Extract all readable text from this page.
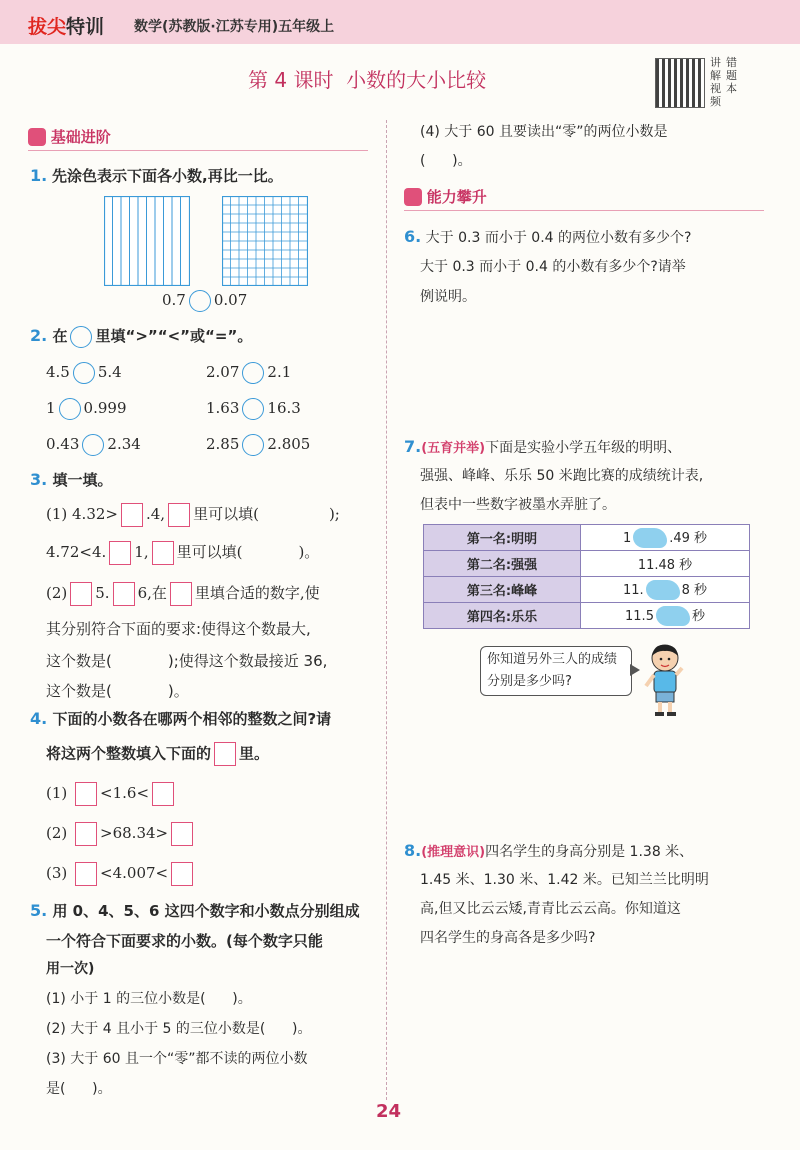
拔尖特训 数学(苏教版·江苏专用)五年级上
第 4 课时  小数的大小比较
讲解视频
错题本
基础进阶
1. 先涂色表示下面各小数,再比一比。
0.7 0.07
2. 在 里填“>”“<”或“=”。
4.5 5.4	2.07 2.1
1 0.999	1.63 16.3
0.43 2.34	2.85 2.805
3. 填一填。
(1) 4.32> .4, 里可以填(	);
4.72<4. 1, 里可以填(	)。
(2) 5. 6,在 里填合适的数字,使
其分别符合下面的要求:使得这个数最大,
这个数是(	);使得这个数最接近 36,
这个数是(	)。
4. 下面的小数各在哪两个相邻的整数之间?请
将这两个整数填入下面的 里。
(1) <1.6<
(2) >68.34>
(3) <4.007<
5. 用 0、4、5、6 这四个数字和小数点分别组成
一个符合下面要求的小数。(每个数字只能
用一次)
(1) 小于 1 的三位小数是(      )。
(2) 大于 4 且小于 5 的三位小数是(      )。
(3) 大于 60 且一个“零”都不读的两位小数
是(      )。
(4) 大于 60 且要读出“零”的两位小数是
(      )。
能力攀升
6. 大于 0.3 而小于 0.4 的两位小数有多少个?
大于 0.3 而小于 0.4 的小数有多少个?请举
例说明。
7.(五育并举)下面是实验小学五年级的明明、
强强、峰峰、乐乐 50 米跑比赛的成绩统计表,
但表中一些数字被墨水弄脏了。
第一名:明明	1 .49 秒
第二名:强强	11.48 秒
第三名:峰峰	11. 8 秒
第四名:乐乐	11.5 秒
你知道另外三人的成绩
分别是多少吗?
8.(推理意识)四名学生的身高分别是 1.38 米、
1.45 米、1.30 米、1.42 米。已知兰兰比明明
高,但又比云云矮,青青比云云高。你知道这
四名学生的身高各是多少吗?
24
